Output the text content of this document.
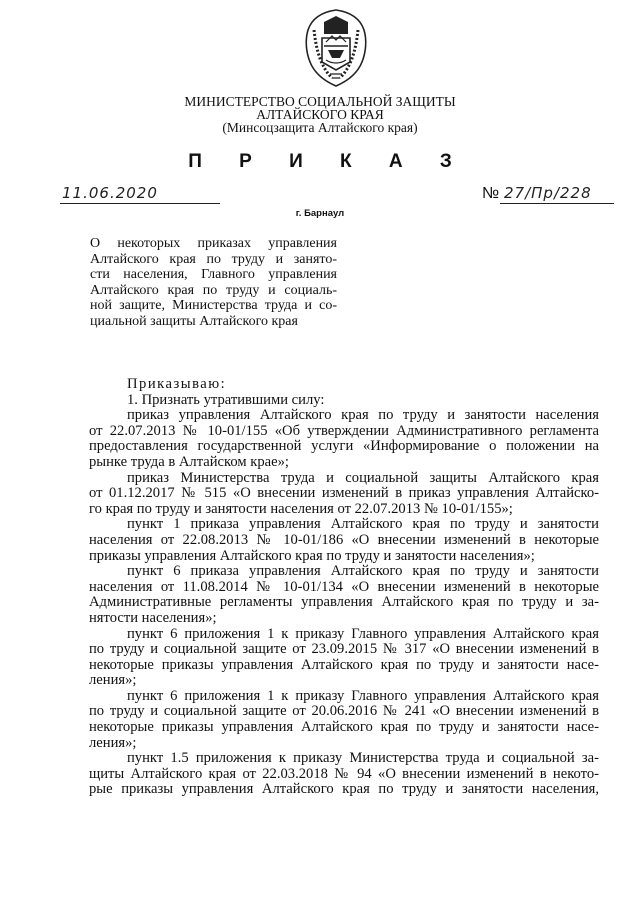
МИНИСТЕРСТВО СОЦИАЛЬНОЙ ЗАЩИТЫ
АЛТАЙСКОГО КРАЯ
(Минсоцзащита Алтайского края)
П Р И К А З
11.06.2020	№ 27/Пр/228
г. Барнаул
О некоторых приказах управления
Алтайского края по труду и занято-
сти населения, Главного управления
Алтайского края по труду и социаль-
ной защите, Министерства труда и со-
циальной защиты Алтайского края
Приказываю:
1. Признать утратившими силу:
приказ управления Алтайского края по труду и занятости населения
от 22.07.2013 № 10-01/155 «Об утверждении Административного регламента
предоставления государственной услуги «Информирование о положении на
рынке труда в Алтайском крае»;
приказ Министерства труда и социальной защиты Алтайского края
от 01.12.2017 № 515 «О внесении изменений в приказ управления Алтайско-
го края по труду и занятости населения от 22.07.2013 № 10-01/155»;
пункт 1 приказа управления Алтайского края по труду и занятости
населения от 22.08.2013 № 10-01/186 «О внесении изменений в некоторые
приказы управления Алтайского края по труду и занятости населения»;
пункт 6 приказа управления Алтайского края по труду и занятости
населения от 11.08.2014 № 10-01/134 «О внесении изменений в некоторые
Административные регламенты управления Алтайского края по труду и за-
нятости населения»;
пункт 6 приложения 1 к приказу Главного управления Алтайского края
по труду и социальной защите от 23.09.2015 № 317 «О внесении изменений в
некоторые приказы управления Алтайского края по труду и занятости насе-
ления»;
пункт 6 приложения 1 к приказу Главного управления Алтайского края
по труду и социальной защите от 20.06.2016 № 241 «О внесении изменений в
некоторые приказы управления Алтайского края по труду и занятости насе-
ления»;
пункт 1.5 приложения к приказу Министерства труда и социальной за-
щиты Алтайского края от 22.03.2018 № 94 «О внесении изменений в некото-
рые приказы управления Алтайского края по труду и занятости населения,
